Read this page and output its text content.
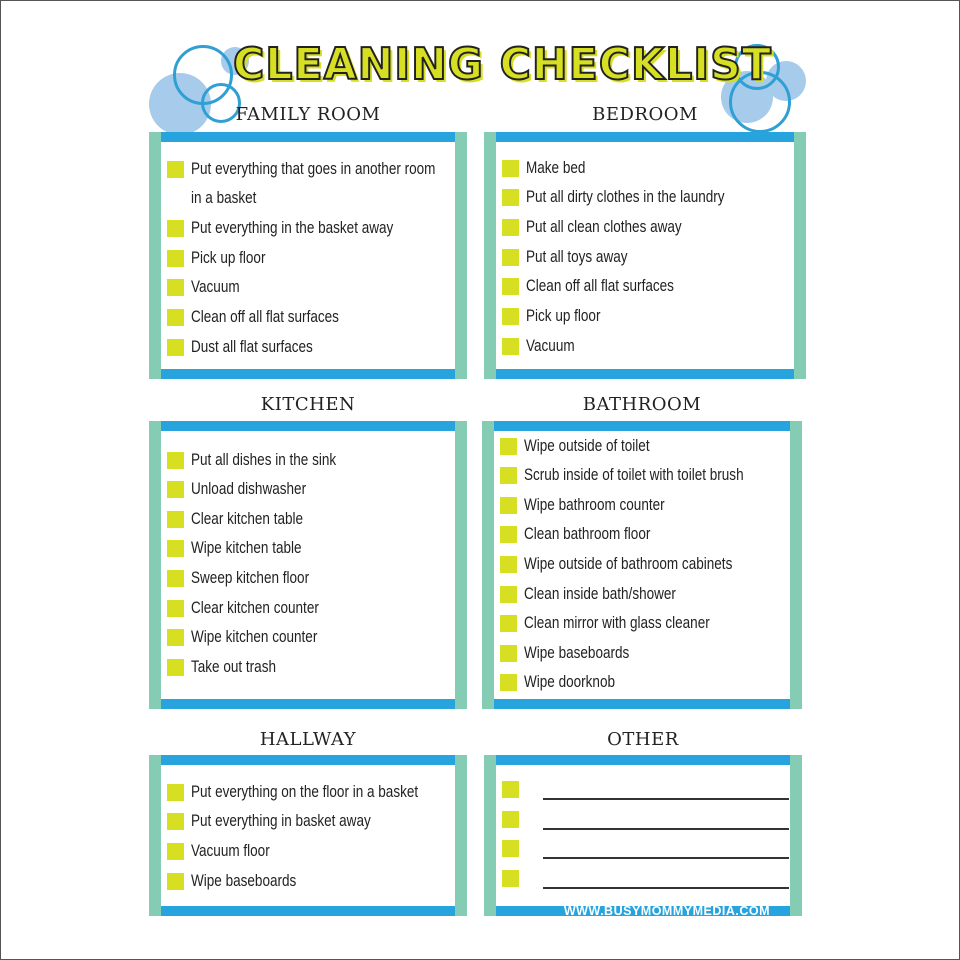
CLEANING CHECKLIST
FAMILY ROOM	BEDROOM
KITCHEN	BATHROOM
HALLWAY	OTHER
Put everything that goes in another room
in a basket
Put everything in the basket away
Pick up floor
Vacuum
Clean off all flat surfaces
Dust all flat surfaces
Make bed
Put all dirty clothes in the laundry
Put all clean clothes away
Put all toys away
Clean off all flat surfaces
Pick up floor
Vacuum
Put all dishes in the sink
Unload dishwasher
Clear kitchen table
Wipe kitchen table
Sweep kitchen floor
Clear kitchen counter
Wipe kitchen counter
Take out trash
Wipe outside of toilet
Scrub inside of toilet with toilet brush
Wipe bathroom counter
Clean bathroom floor
Wipe outside of bathroom cabinets
Clean inside bath/shower
Clean mirror with glass cleaner
Wipe baseboards
Wipe doorknob
Put everything on the floor in a basket
Put everything in basket away
Vacuum floor
Wipe baseboards
WWW.BUSYMOMMYMEDIA.COM
